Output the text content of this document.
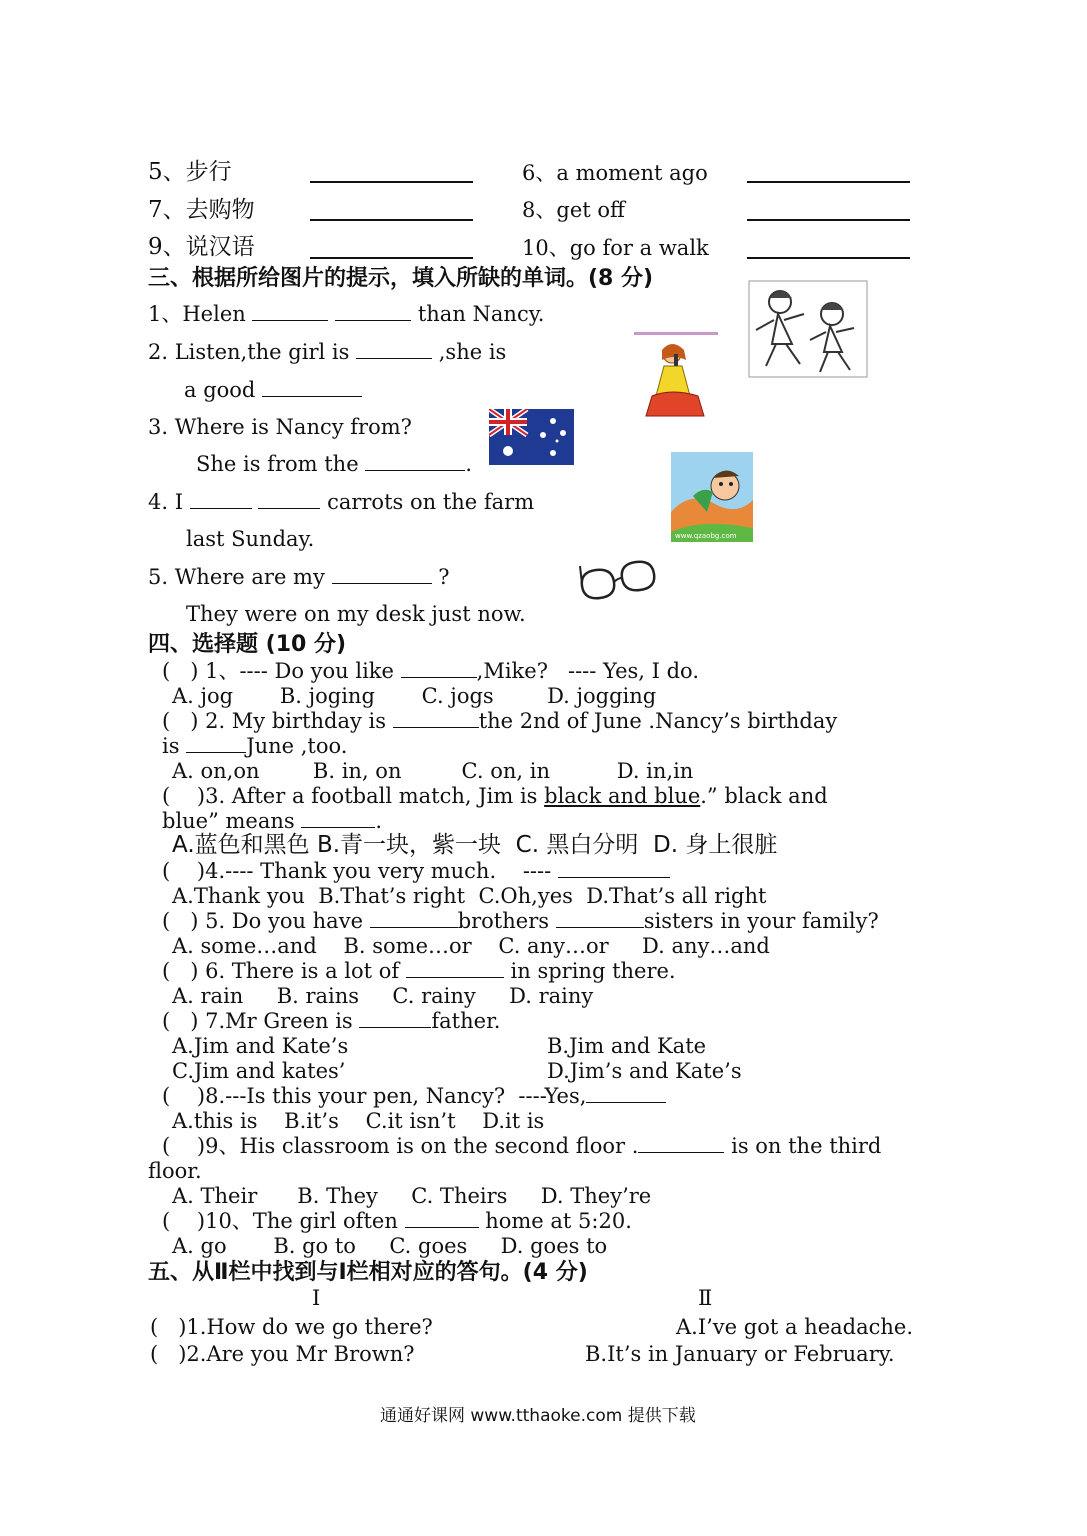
5、步行	6、a moment ago
7、去购物	8、get off
9、说汉语	10、go for a walk
三、根据所给图片的提示，填入所缺的单词。(8 分)
1、Helen	than Nancy.
2. Listen,the girl is	,she is
a good
3. Where is Nancy from?
She is from the	.
4. I	carrots on the farm
last Sunday.
5. Where are my	?
They were on my desk just now.
www.qzaobg.com
四、选择题 (10 分)
(   ) 1、---- Do you like	,Mike?   ---- Yes, I do.
A. jog       B. joging       C. jogs        D. jogging
(   ) 2. My birthday is	the 2nd of June .Nancy’s birthday
is	June ,too.
A. on,on        B. in, on         C. on, in          D. in,in
(    )3. After a football match, Jim is black and blue.” black and
blue” means	.
A.蓝色和黑色 B.青一块，紫一块 C. 黑白分明 D. 身上很脏
(    )4.---- Thank you very much.    ----
A.Thank you  B.That’s right  C.Oh,yes  D.That’s all right
(   ) 5. Do you have	brothers	sisters in your family?
A. some…and    B. some…or    C. any…or     D. any…and
(   ) 6. There is a lot of	in spring there.
A. rain     B. rains     C. rainy     D. rainy
(   ) 7.Mr Green is	father.
A.Jim and Kate’s	B.Jim and Kate
C.Jim and kates’	D.Jim’s and Kate’s
(    )8.---Is this your pen, Nancy?  ----Yes,
A.this is    B.it’s    C.it isn’t    D.it is
(    )9、His classroom is on the second floor .	is on the third
floor.
A. Their      B. They     C. Theirs     D. They’re
(    )10、The girl often	home at 5:20.
A. go       B. go to     C. goes     D. goes to
五、从Ⅱ栏中找到与Ⅰ栏相对应的答句。(4 分)
Ⅰ	Ⅱ
(   )1.How do we go there?	A.I’ve got a headache.
(   )2.Are you Mr Brown?	B.It’s in January or February.
通通好课网 www.tthaoke.com 提供下载
